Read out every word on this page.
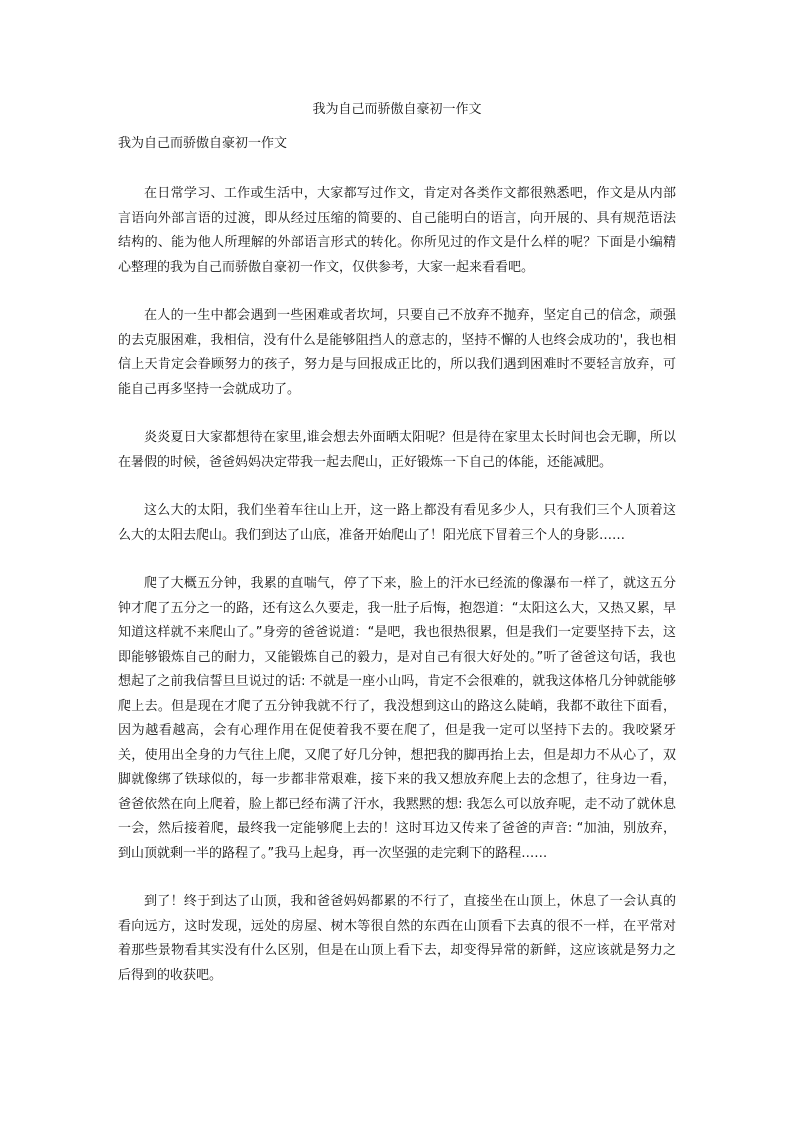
我为自己而骄傲自豪初一作文
我为自己而骄傲自豪初一作文

在日常学习、工作或生活中，大家都写过作文，肯定对各类作文都很熟悉吧，作文是从内部言语向外部言语的过渡，即从经过压缩的简要的、自己能明白的语言，向开展的、具有规范语法结构的、能为他人所理解的外部语言形式的转化。你所见过的作文是什么样的呢？下面是小编精心整理的我为自己而骄傲自豪初一作文，仅供参考，大家一起来看看吧。

在人的一生中都会遇到一些困难或者坎坷，只要自己不放弃不抛弃，坚定自己的信念，顽强的去克服困难，我相信，没有什么是能够阻挡人的意志的，坚持不懈的人也终会成功的'，我也相信上天肯定会眷顾努力的孩子，努力是与回报成正比的，所以我们遇到困难时不要轻言放弃，可能自己再多坚持一会就成功了。

炎炎夏日大家都想待在家里,谁会想去外面晒太阳呢？但是待在家里太长时间也会无聊，所以在暑假的时候，爸爸妈妈决定带我一起去爬山，正好锻炼一下自己的体能，还能减肥。

这么大的太阳，我们坐着车往山上开，这一路上都没有看见多少人，只有我们三个人顶着这么大的太阳去爬山。我们到达了山底，准备开始爬山了！阳光底下冒着三个人的身影……

爬了大概五分钟，我累的直喘气，停了下来，脸上的汗水已经流的像瀑布一样了，就这五分钟才爬了五分之一的路，还有这么久要走，我一肚子后悔，抱怨道：“太阳这么大，又热又累，早知道这样就不来爬山了。”身旁的爸爸说道：“是吧，我也很热很累，但是我们一定要坚持下去，这即能够锻炼自己的耐力，又能锻炼自己的毅力，是对自己有很大好处的。”听了爸爸这句话，我也想起了之前我信誓旦旦说过的话: 不就是一座小山吗，肯定不会很难的，就我这体格几分钟就能够爬上去。但是现在才爬了五分钟我就不行了，我没想到这山的路这么陡峭，我都不敢往下面看，因为越看越高，会有心理作用在促使着我不要在爬了，但是我一定可以坚持下去的。我咬紧牙关，使用出全身的力气往上爬，又爬了好几分钟，想把我的脚再抬上去，但是却力不从心了，双脚就像绑了铁球似的，每一步都非常艰难，接下来的我又想放弃爬上去的念想了，往身边一看，爸爸依然在向上爬着，脸上都已经布满了汗水，我黙黙的想: 我怎么可以放弃呢，走不动了就休息一会，然后接着爬，最终我一定能够爬上去的！这时耳边又传来了爸爸的声音: “加油，别放弃，到山顶就剩一半的路程了。”我马上起身，再一次坚强的走完剩下的路程……

到了！终于到达了山顶，我和爸爸妈妈都累的不行了，直接坐在山顶上，休息了一会认真的看向远方，这时发现，远处的房屋、树木等很自然的东西在山顶看下去真的很不一样，在平常对着那些景物看其实没有什么区别，但是在山顶上看下去，却变得异常的新鲜，这应该就是努力之后得到的收获吧。
